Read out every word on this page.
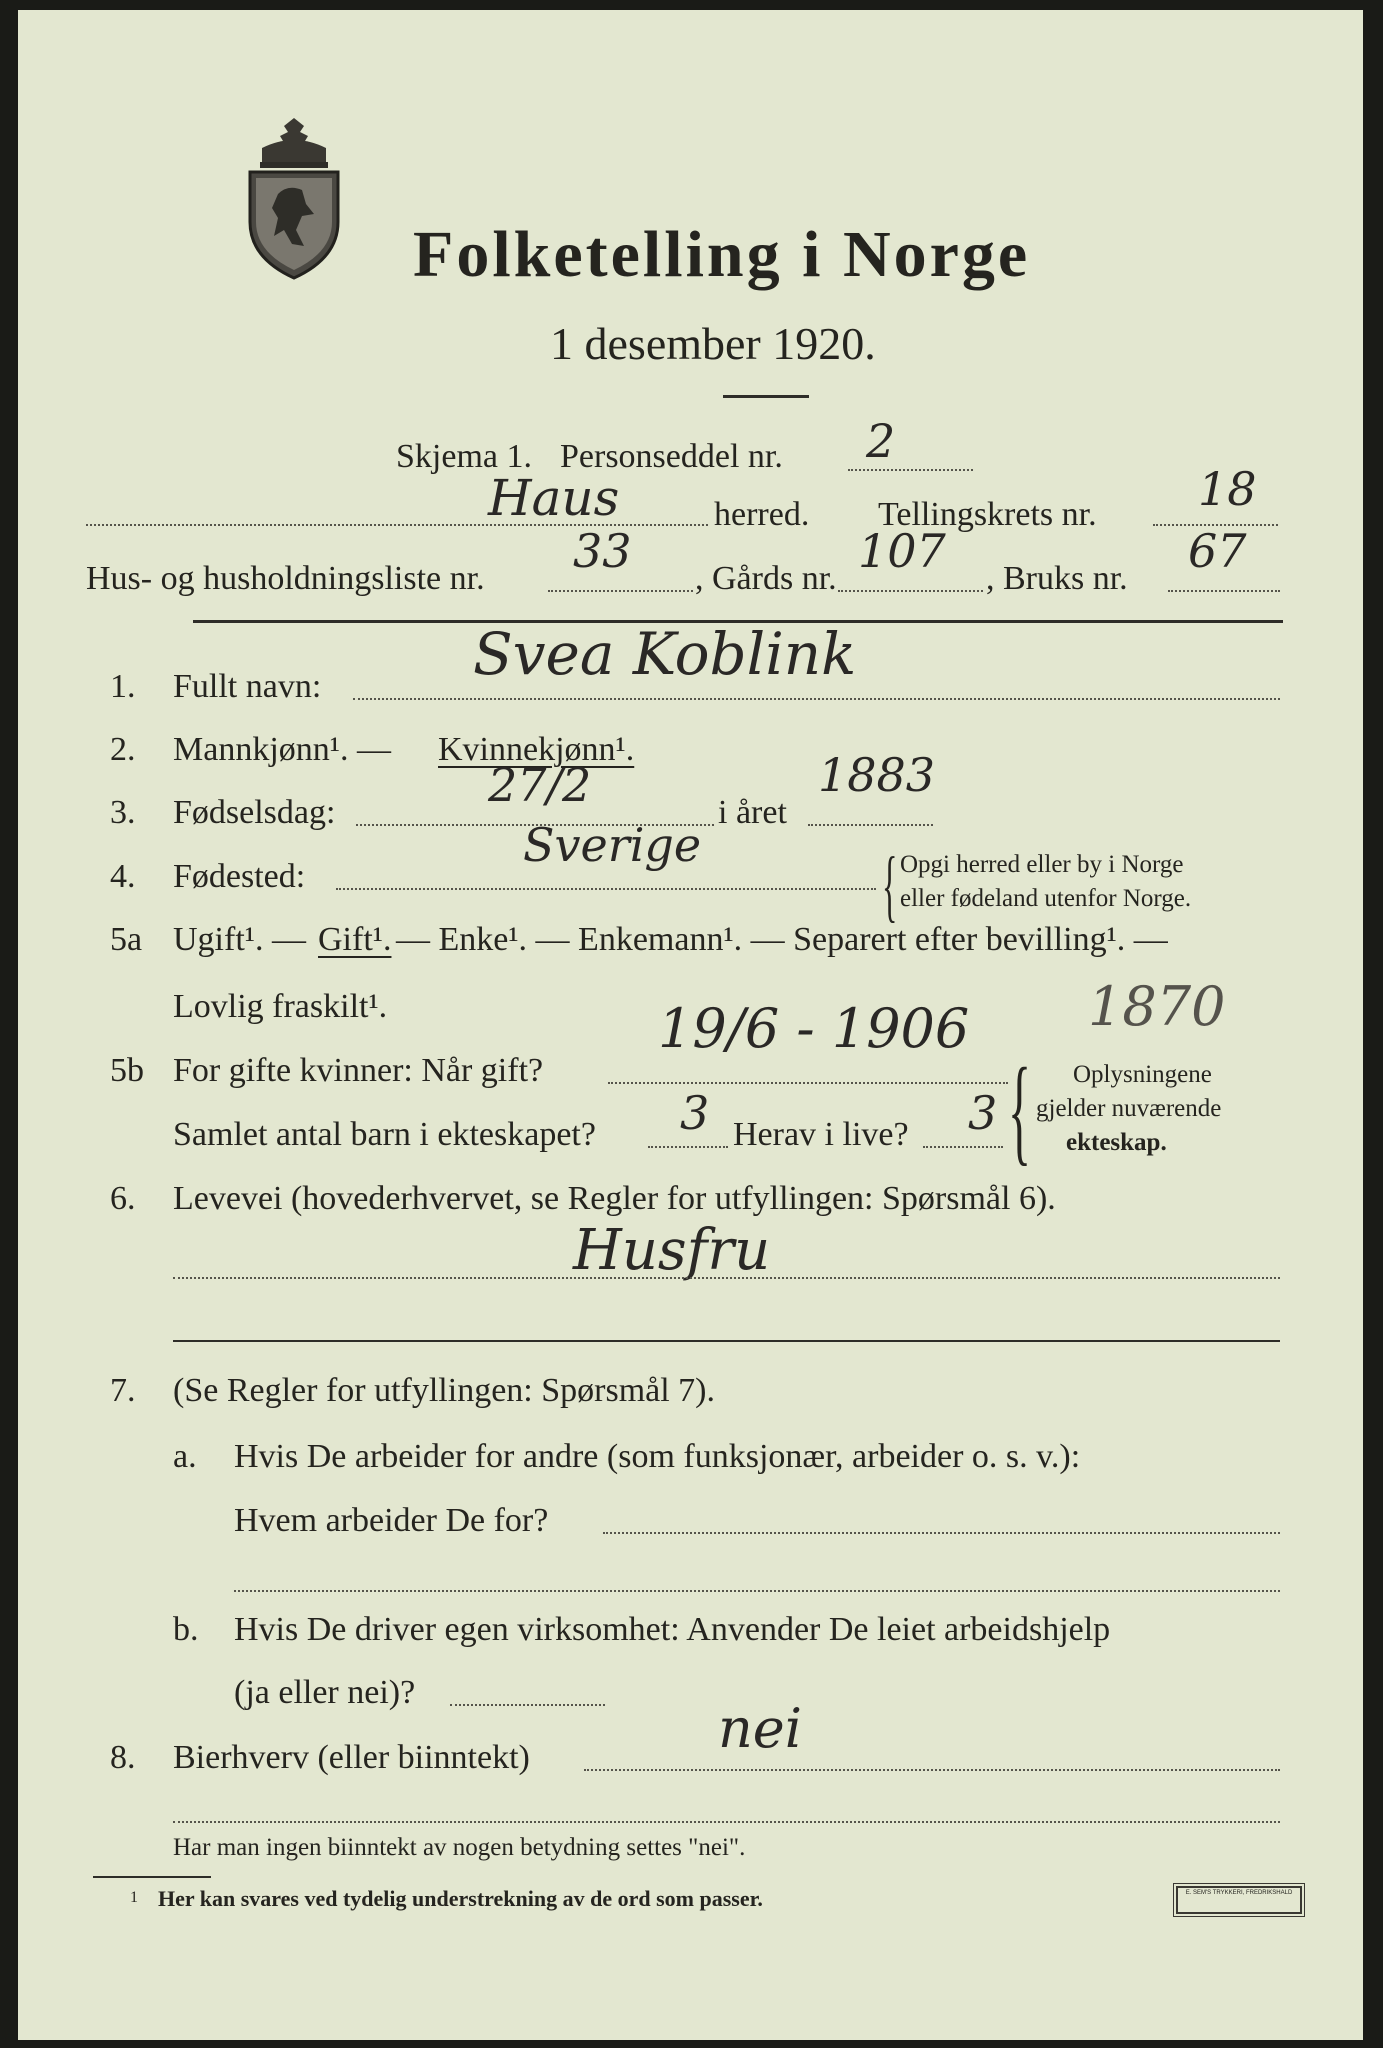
Folketelling i Norge
1 desember 1920.
Skjema 1. Personseddel nr. 2
Haus	herred. Tellingskrets nr. 18
Hus- og husholdningsliste nr.
33
, Gårds nr.
107
, Bruks nr.
67
1. Fullt navn:	Svea Koblink
2. Mannkjønn¹. — Kvinnekjønn¹.
3. Fødselsdag:
27/2
i året
1883
4. Fødested:
Sverige { Opgi herred eller by i Norge
eller fødeland utenfor Norge.
5a Ugift¹. — Gift¹. — Enke¹. — Enkemann¹. — Separert efter bevilling¹. —
Lovlig fraskilt¹.
5b For gifte kvinner: Når gift?
19/6 - 1906 1870
Samlet antal barn i ekteskapet? 3 Herav i live? 3 { Oplysningene
gjelder nuværende
ekteskap.
6. Levevei (hovederhvervet, se Regler for utfyllingen: Spørsmål 6).
Husfru
7. (Se Regler for utfyllingen: Spørsmål 7).
a. Hvis De arbeider for andre (som funksjonær, arbeider o. s. v.):
Hvem arbeider De for?
b. Hvis De driver egen virksomhet: Anvender De leiet arbeidshjelp
(ja eller nei)?
8. Bierhverv (eller biinntekt)	nei
Har man ingen biinntekt av nogen betydning settes "nei".
1 Her kan svares ved tydelig understrekning av de ord som passer.	E. SEM'S TRYKKERI, FREDRIKSHALD
